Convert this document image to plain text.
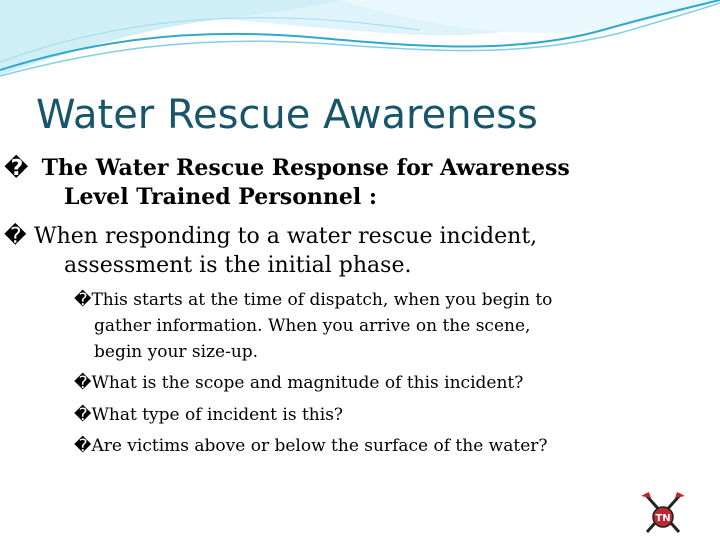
Water Rescue Awareness
� The Water Rescue Response for Awareness
Level Trained Personnel :
� When responding to a water rescue incident,
assessment is the initial phase.
�This starts at the time of dispatch, when you begin to
gather information. When you arrive on the scene,
begin your size-up.
�What is the scope and magnitude of this incident?
�What type of incident is this?
�Are victims above or below the surface of the water?
TN
